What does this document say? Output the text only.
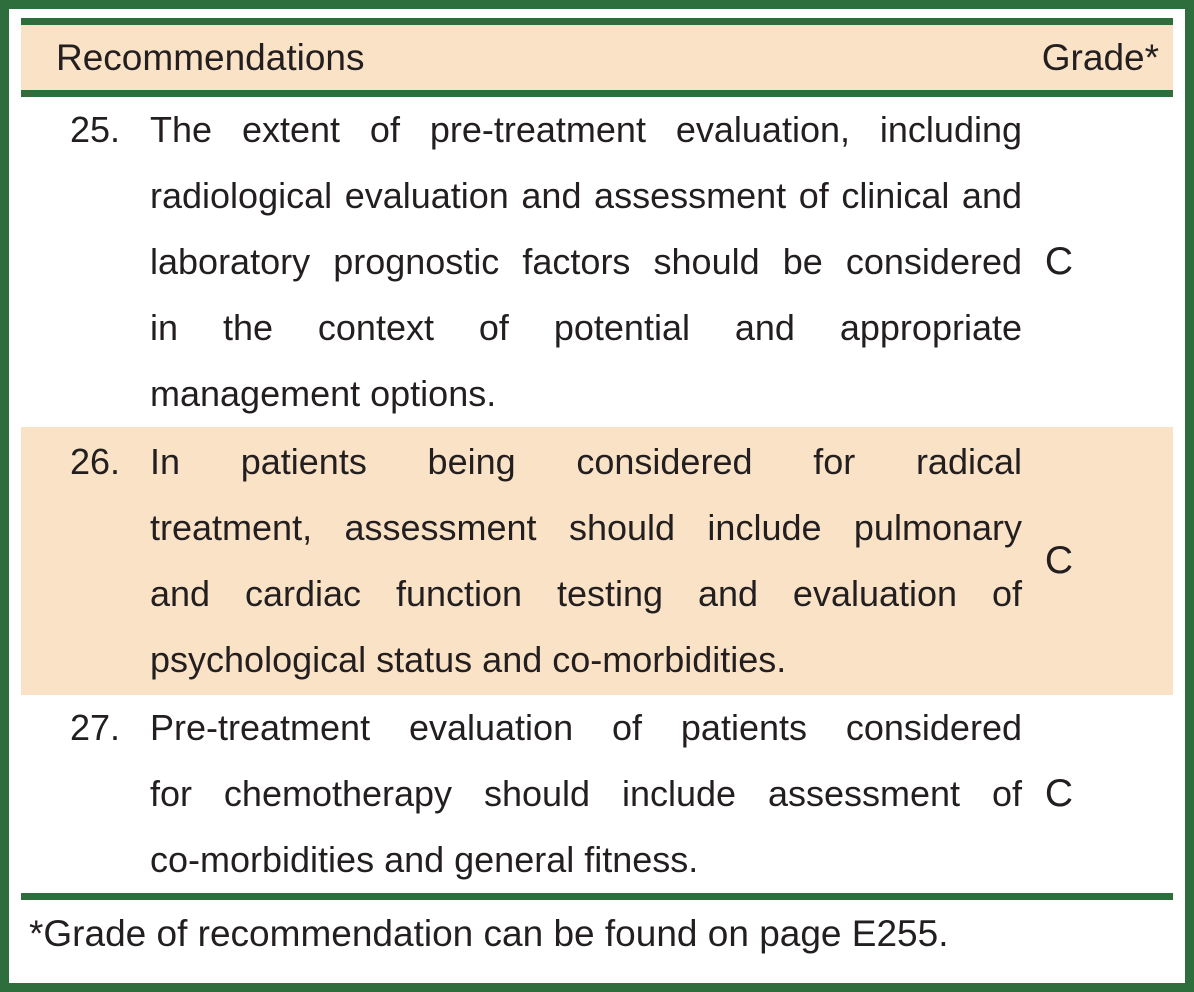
Recommendations	Grade*
25. The extent of pre-treatment evaluation, including
radiological evaluation and assessment of clinical and
laboratory prognostic factors should be considered
in the context of potential and appropriate
management options.
C
26. In patients being considered for radical
treatment, assessment should include pulmonary
and cardiac function testing and evaluation of
psychological status and co-morbidities.
C
27. Pre-treatment evaluation of patients considered
for chemotherapy should include assessment of
co-morbidities and general fitness.
C
*Grade of recommendation can be found on page E255.
